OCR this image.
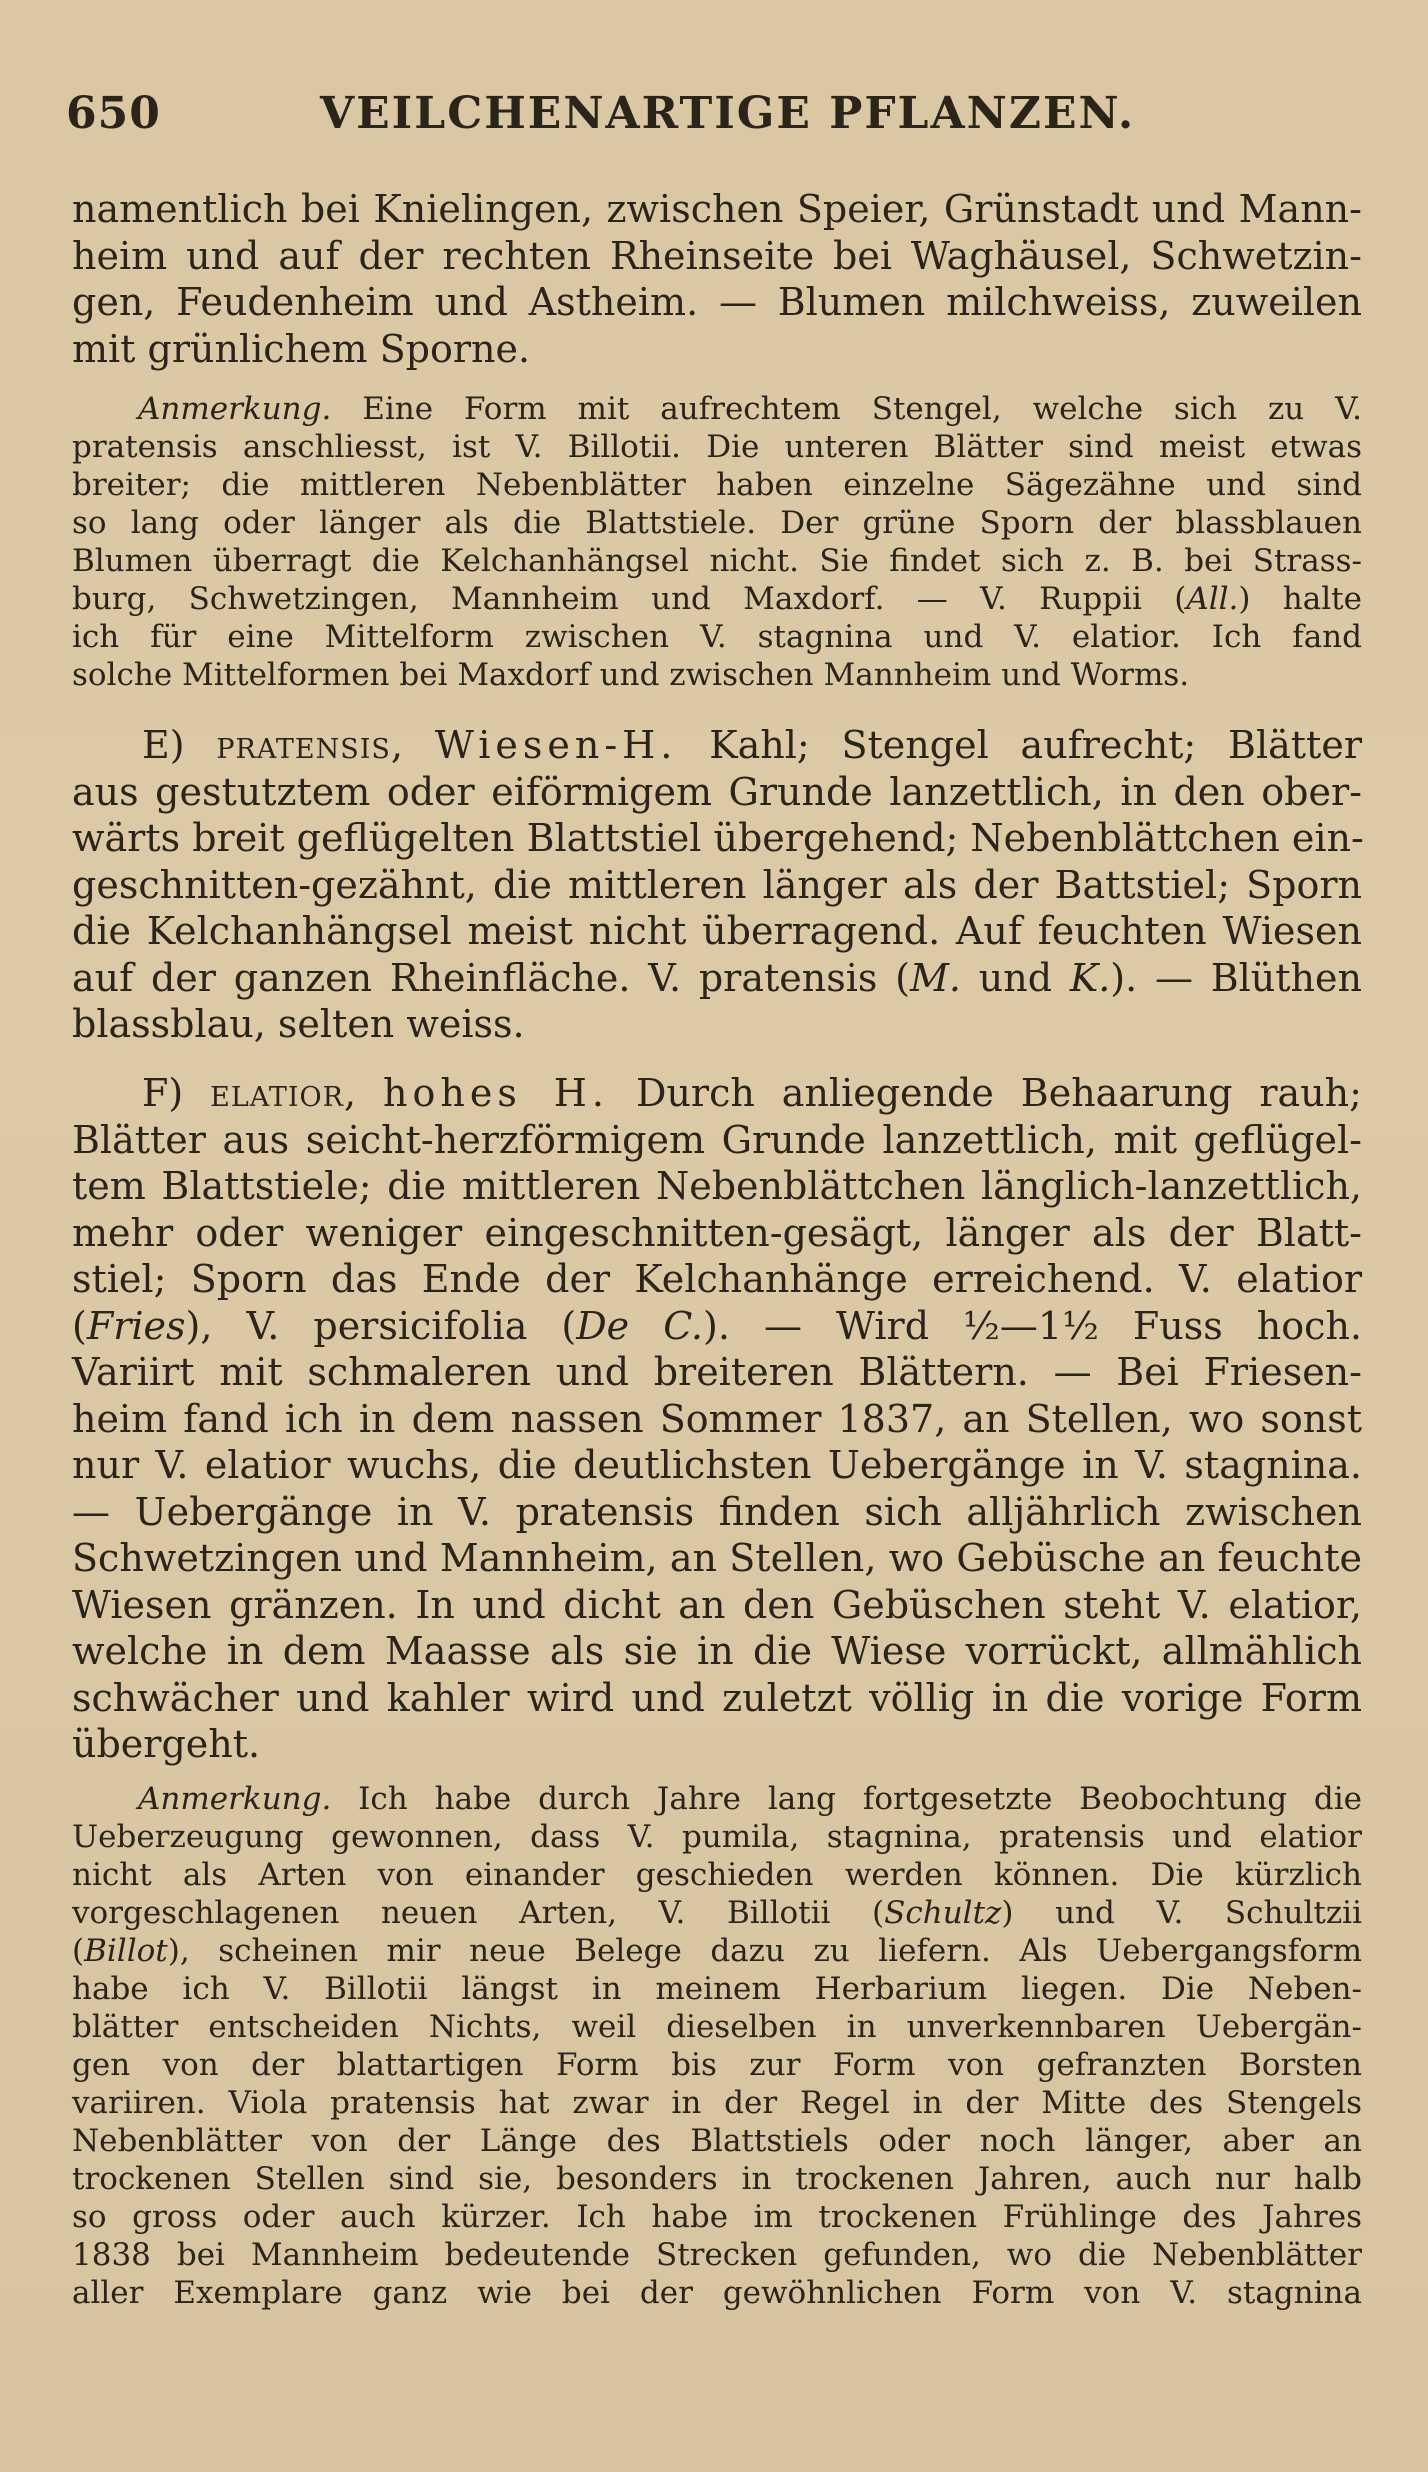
650	VEILCHENARTIGE PFLANZEN.
namentlich bei Knielingen, zwischen Speier, Grünstadt und Mann-
heim und auf der rechten Rheinseite bei Waghäusel, Schwetzin-
gen, Feudenheim und Astheim. — Blumen milchweiss, zuweilen
mit grünlichem Sporne.
Anmerkung. Eine Form mit aufrechtem Stengel, welche sich zu V.
pratensis anschliesst, ist V. Billotii. Die unteren Blätter sind meist etwas
breiter; die mittleren Nebenblätter haben einzelne Sägezähne und sind
so lang oder länger als die Blattstiele. Der grüne Sporn der blassblauen
Blumen überragt die Kelchanhängsel nicht. Sie findet sich z. B. bei Strass-
burg, Schwetzingen, Mannheim und Maxdorf. — V. Ruppii (All.) halte
ich für eine Mittelform zwischen V. stagnina und V. elatior. Ich fand
solche Mittelformen bei Maxdorf und zwischen Mannheim und Worms.
E) pratensis, Wiesen-H. Kahl; Stengel aufrecht; Blätter
aus gestutztem oder eiförmigem Grunde lanzettlich, in den ober-
wärts breit geflügelten Blattstiel übergehend; Nebenblättchen ein-
geschnitten-gezähnt, die mittleren länger als der Battstiel; Sporn
die Kelchanhängsel meist nicht überragend. Auf feuchten Wiesen
auf der ganzen Rheinfläche. V. pratensis (M. und K.). — Blüthen
blassblau, selten weiss.
F) elatior, hohes H. Durch anliegende Behaarung rauh;
Blätter aus seicht-herzförmigem Grunde lanzettlich, mit geflügel-
tem Blattstiele; die mittleren Nebenblättchen länglich-lanzettlich,
mehr oder weniger eingeschnitten-gesägt, länger als der Blatt-
stiel; Sporn das Ende der Kelchanhänge erreichend. V. elatior
(Fries), V. persicifolia (De C.). — Wird ½—1½ Fuss hoch.
Variirt mit schmaleren und breiteren Blättern. — Bei Friesen-
heim fand ich in dem nassen Sommer 1837, an Stellen, wo sonst
nur V. elatior wuchs, die deutlichsten Uebergänge in V. stagnina.
— Uebergänge in V. pratensis finden sich alljährlich zwischen
Schwetzingen und Mannheim, an Stellen, wo Gebüsche an feuchte
Wiesen gränzen. In und dicht an den Gebüschen steht V. elatior,
welche in dem Maasse als sie in die Wiese vorrückt, allmählich
schwächer und kahler wird und zuletzt völlig in die vorige Form
übergeht.
Anmerkung. Ich habe durch Jahre lang fortgesetzte Beobochtung die
Ueberzeugung gewonnen, dass V. pumila, stagnina, pratensis und elatior
nicht als Arten von einander geschieden werden können. Die kürzlich
vorgeschlagenen neuen Arten, V. Billotii (Schultz) und V. Schultzii
(Billot), scheinen mir neue Belege dazu zu liefern. Als Uebergangsform
habe ich V. Billotii längst in meinem Herbarium liegen. Die Neben-
blätter entscheiden Nichts, weil dieselben in unverkennbaren Uebergän-
gen von der blattartigen Form bis zur Form von gefranzten Borsten
variiren. Viola pratensis hat zwar in der Regel in der Mitte des Stengels
Nebenblätter von der Länge des Blattstiels oder noch länger, aber an
trockenen Stellen sind sie, besonders in trockenen Jahren, auch nur halb
so gross oder auch kürzer. Ich habe im trockenen Frühlinge des Jahres
1838 bei Mannheim bedeutende Strecken gefunden, wo die Nebenblätter
aller Exemplare ganz wie bei der gewöhnlichen Form von V. stagnina
